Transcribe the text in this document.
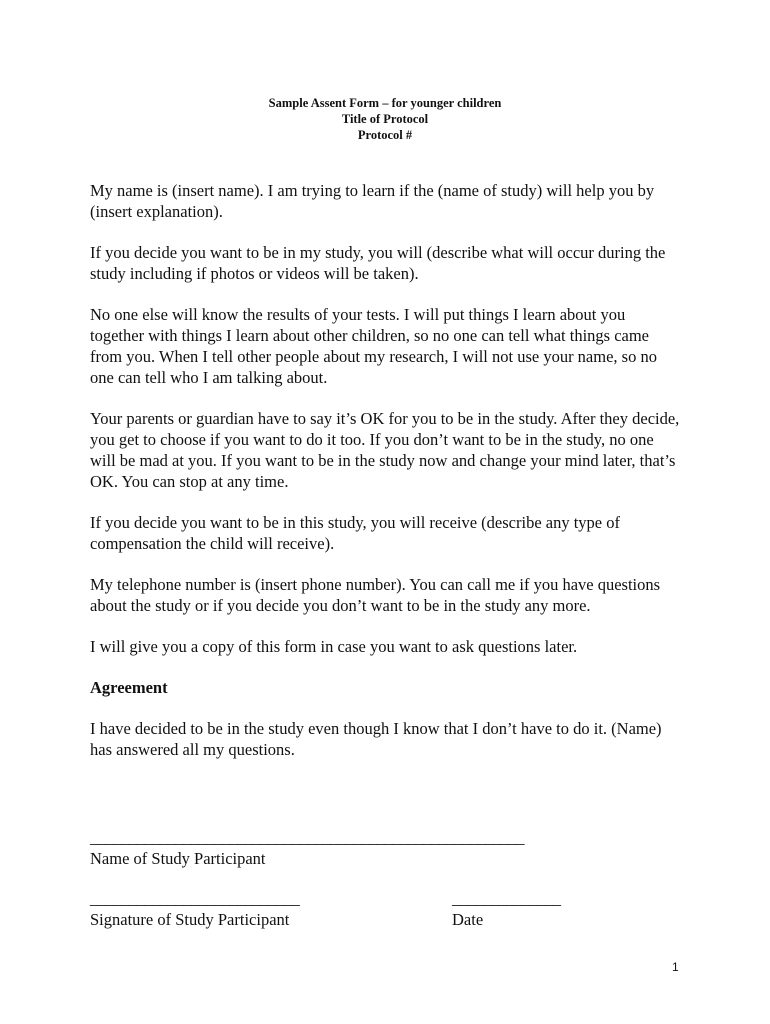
Sample Assent Form – for younger children
Title of Protocol
Protocol #

My name is (insert name). I am trying to learn if the (name of study) will help you by (insert explanation).

If you decide you want to be in my study, you will (describe what will occur during the study including if photos or videos will be taken).

No one else will know the results of your tests. I will put things I learn about you together with things I learn about other children, so no one can tell what things came from you. When I tell other people about my research, I will not use your name, so no one can tell who I am talking about.

Your parents or guardian have to say it’s OK for you to be in the study. After they decide, you get to choose if you want to do it too. If you don’t want to be in the study, no one will be mad at you. If you want to be in the study now and change your mind later, that’s OK. You can stop at any time.

If you decide you want to be in this study, you will receive (describe any type of compensation the child will receive).

My telephone number is (insert phone number). You can call me if you have questions about the study or if you decide you don’t want to be in the study any more.

I will give you a copy of this form in case you want to ask questions later.

Agreement

I have decided to be in the study even though I know that I don’t have to do it. (Name) has answered all my questions.

________________________________________________________
Name of Study Participant
___________________________
Signature of Study Participant
______________
Date
1
